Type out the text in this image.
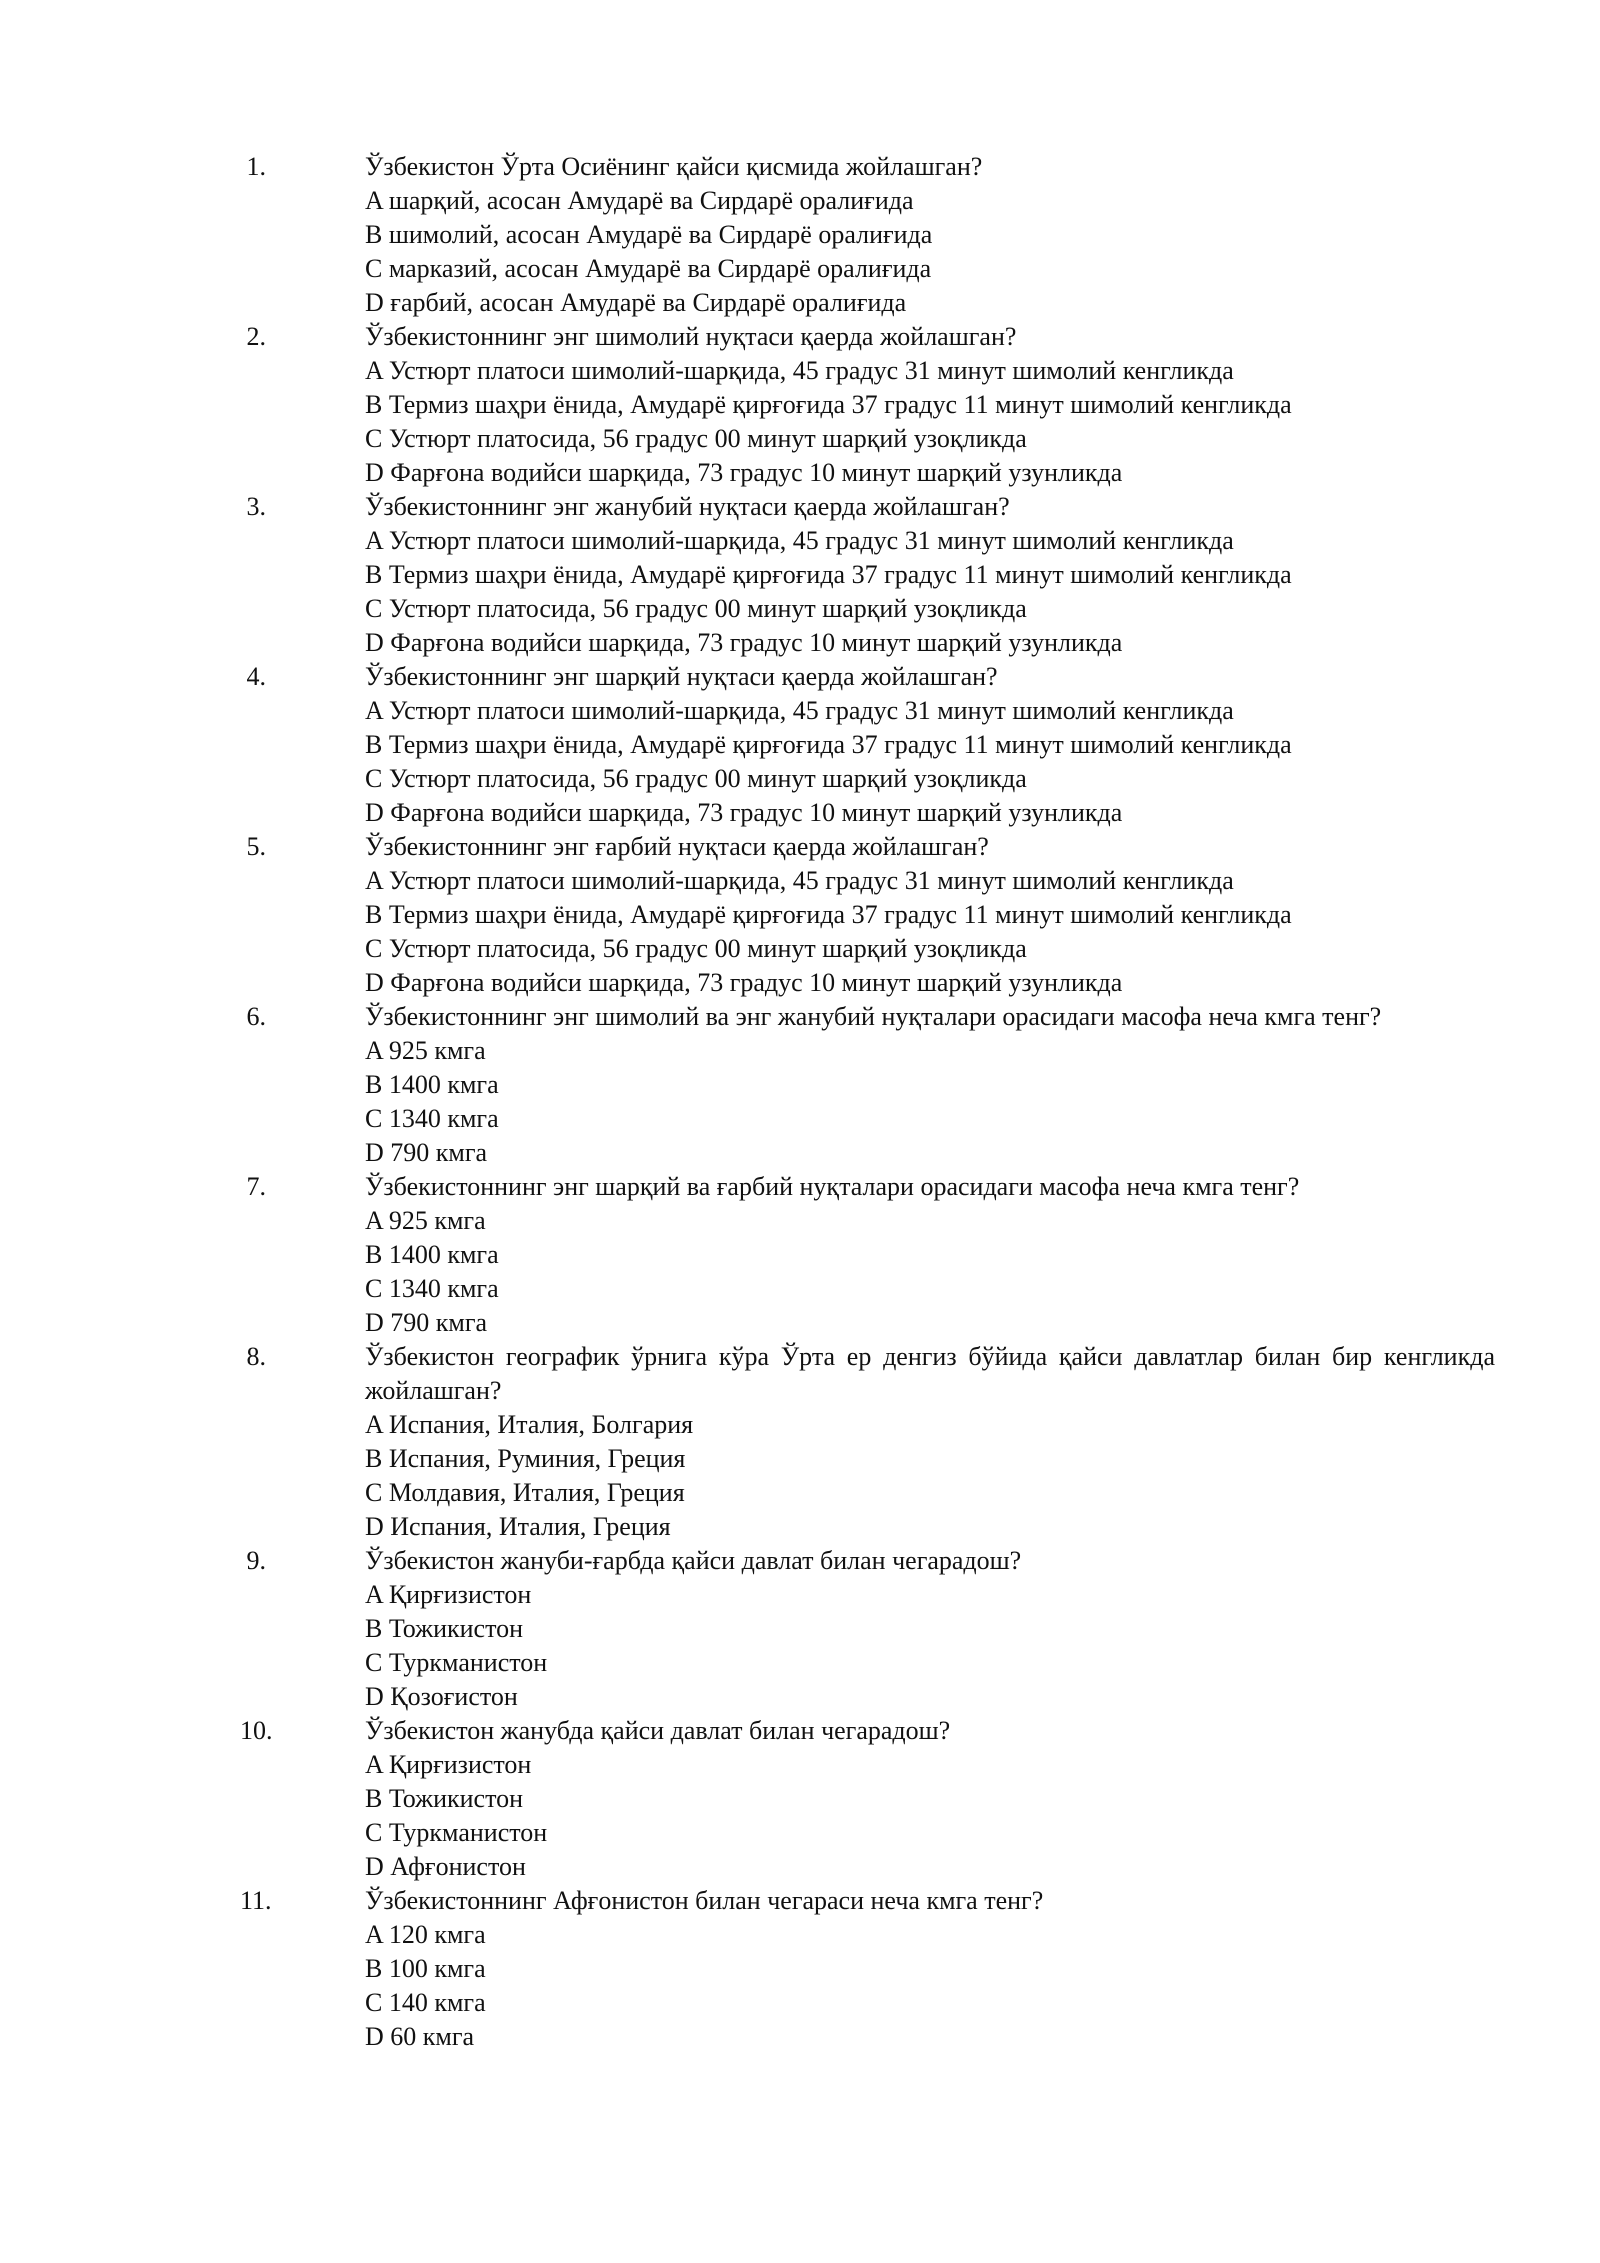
1.	Ўзбекистон Ўрта Осиёнинг қайси қисмида жойлашган?
A шарқий, асосан Амударё ва Сирдарё оралиғида
B шимолий, асосан Амударё ва Сирдарё оралиғида
C марказий, асосан Амударё ва Сирдарё оралиғида
D ғарбий, асосан Амударё ва Сирдарё оралиғида
2.	Ўзбекистоннинг энг шимолий нуқтаси қаерда жойлашган?
A Устюрт платоси шимолий-шарқида, 45 градус 31 минут шимолий кенгликда
B Термиз шаҳри ёнида, Амударё қирғоғида 37 градус 11 минут шимолий кенгликда
C Устюрт платосида, 56 градус 00 минут шарқий узоқликда
D Фарғона водийси шарқида, 73 градус 10 минут шарқий узунликда
3.	Ўзбекистоннинг энг жанубий нуқтаси қаерда жойлашган?
A Устюрт платоси шимолий-шарқида, 45 градус 31 минут шимолий кенгликда
B Термиз шаҳри ёнида, Амударё қирғоғида 37 градус 11 минут шимолий кенгликда
C Устюрт платосида, 56 градус 00 минут шарқий узоқликда
D Фарғона водийси шарқида, 73 градус 10 минут шарқий узунликда
4.	Ўзбекистоннинг энг шарқий нуқтаси қаерда жойлашган?
A Устюрт платоси шимолий-шарқида, 45 градус 31 минут шимолий кенгликда
B Термиз шаҳри ёнида, Амударё қирғоғида 37 градус 11 минут шимолий кенгликда
C Устюрт платосида, 56 градус 00 минут шарқий узоқликда
D Фарғона водийси шарқида, 73 градус 10 минут шарқий узунликда
5.	Ўзбекистоннинг энг ғарбий нуқтаси қаерда жойлашган?
A Устюрт платоси шимолий-шарқида, 45 градус 31 минут шимолий кенгликда
B Термиз шаҳри ёнида, Амударё қирғоғида 37 градус 11 минут шимолий кенгликда
C Устюрт платосида, 56 градус 00 минут шарқий узоқликда
D Фарғона водийси шарқида, 73 градус 10 минут шарқий узунликда
6.	Ўзбекистоннинг энг шимолий ва энг жанубий нуқталари орасидаги масофа неча кмга тенг?
A 925 кмга
B 1400 кмга
C 1340 кмга
D 790 кмга
7.	Ўзбекистоннинг энг шарқий ва ғарбий нуқталари орасидаги масофа неча кмга тенг?
A 925 кмга
B 1400 кмга
C 1340 кмга
D 790 кмга
8.	Ўзбекистон географик ўрнига кўра Ўрта ер денгиз бўйида қайси давлатлар билан бир кенгликда жойлашган?
A Испания, Италия, Болгария
B Испания, Руминия, Греция
C Молдавия, Италия, Греция
D Испания, Италия, Греция
9.	Ўзбекистон жануби-ғарбда қайси давлат билан чегарадош?
A Қирғизистон
B Тожикистон
C Туркманистон
D Қозоғистон
10.	Ўзбекистон жанубда қайси давлат билан чегарадош?
A Қирғизистон
B Тожикистон
C Туркманистон
D Афғонистон
11.	Ўзбекистоннинг Афғонистон билан чегараси неча кмга тенг?
A 120 кмга
B 100 кмга
C 140 кмга
D 60 кмга
